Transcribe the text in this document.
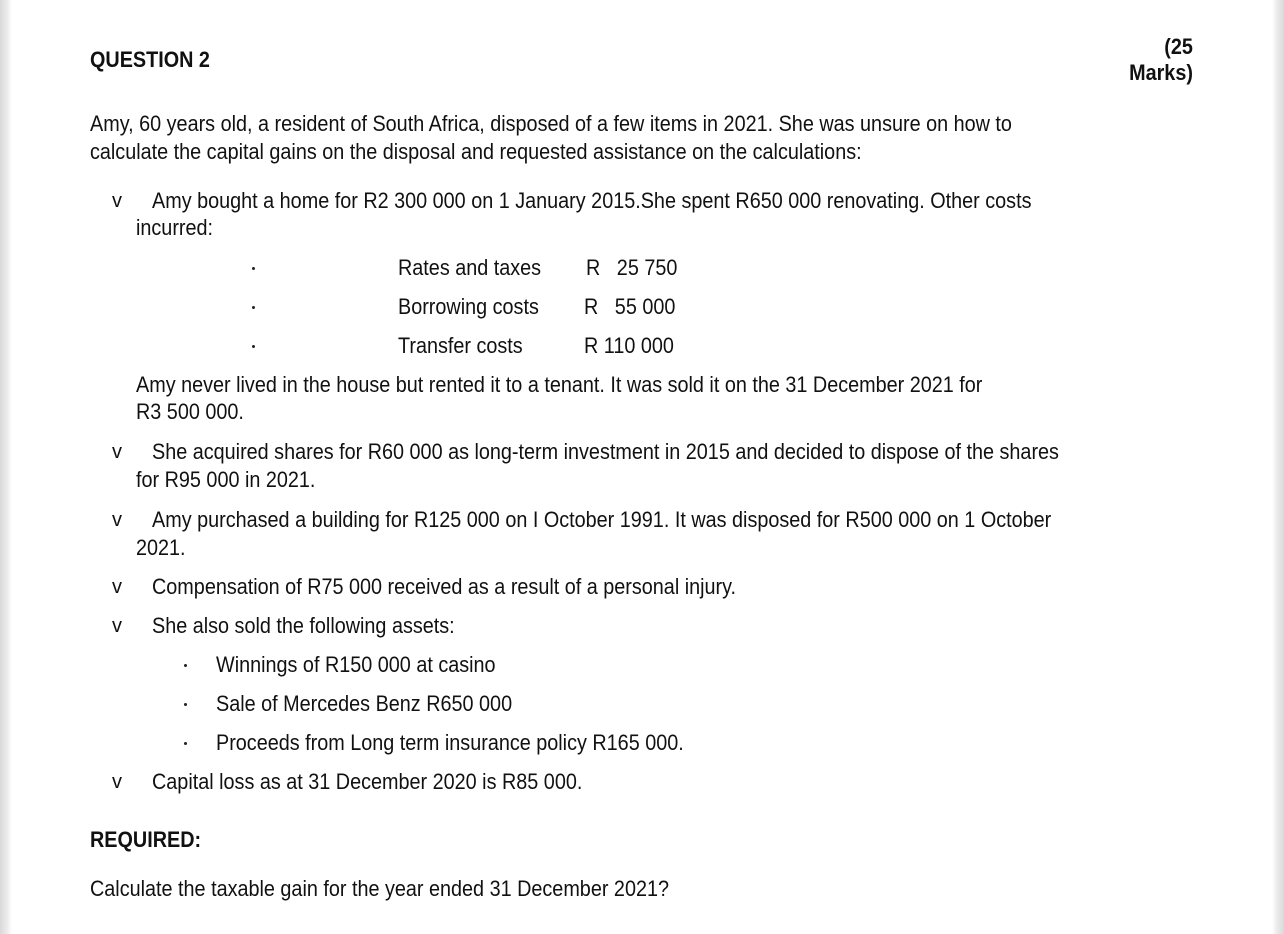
QUESTION 2
(25
Marks)
Amy, 60 years old, a resident of South Africa, disposed of a few items in 2021. She was unsure on how to
calculate the capital gains on the disposal and requested assistance on the calculations:
v Amy bought a home for R2 300 000 on 1 January 2015.She spent R650 000 renovating. Other costs
incurred:
Rates and taxes R   25 750
Borrowing costs R   55 000
Transfer costs	R 110 000
Amy never lived in the house but rented it to a tenant. It was sold it on the 31 December 2021 for
R3 500 000.
v She acquired shares for R60 000 as long-term investment in 2015 and decided to dispose of the shares
for R95 000 in 2021.
v Amy purchased a building for R125 000 on I October 1991. It was disposed for R500 000 on 1 October
2021.
v Compensation of R75 000 received as a result of a personal injury.
v She also sold the following assets:
Winnings of R150 000 at casino
Sale of Mercedes Benz R650 000
Proceeds from Long term insurance policy R165 000.
v Capital loss as at 31 December 2020 is R85 000.
REQUIRED:
Calculate the taxable gain for the year ended 31 December 2021?
